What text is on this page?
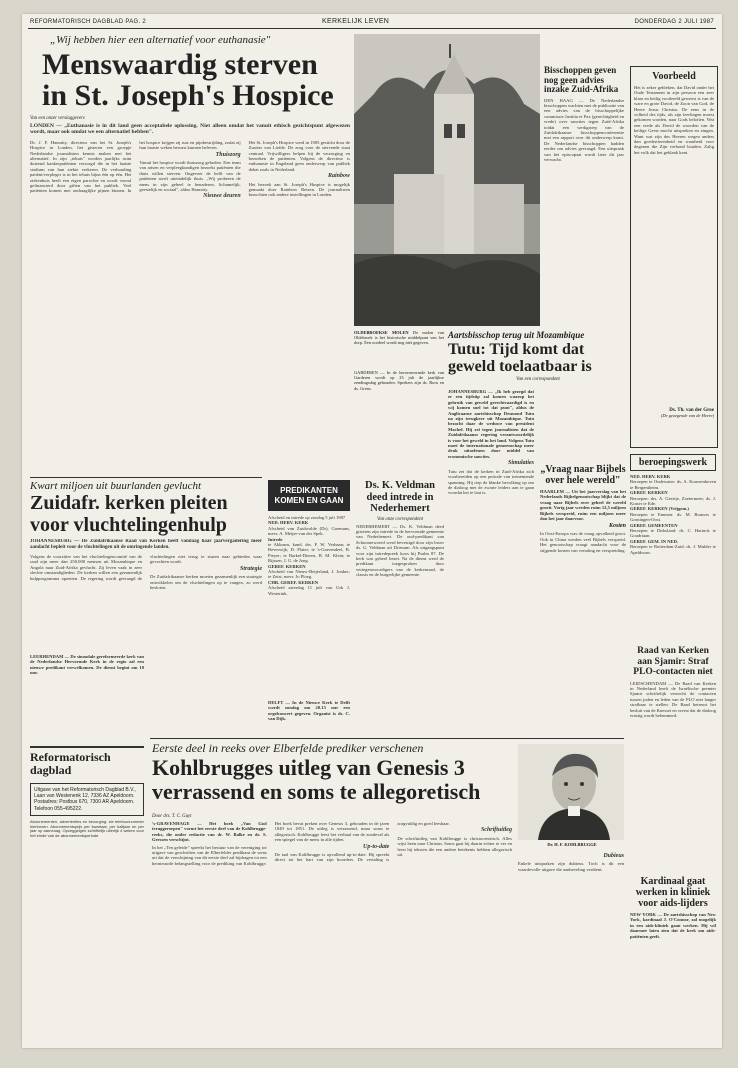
REFORMATORISCH DAGBLAD PAG. 2	KERKELIJK LEVEN	DONDERDAG 2 JULI 1987
„Wij hebben hier een alternatief voor euthanasie"
Menswaardig sterven
in St. Joseph's Hospice
Van een onzer verslaggevers
LONDEN — „Euthanasie is in dit land geen acceptabele oplossing. Niet alleen omdat het vanuit ethisch gezichtspunt afgewezen wordt, maar ook omdat we een alternatief hebben".

Dr. J. F. Hanratty, directeur van het St. Joseph's Hospice in Londen, liet gisteren een groepje Nederlandse journalisten kennis maken met het alternatief. In zijn „tehuis" worden jaarlijks ruim duizend kankerpatiënten verzorgd die in het laatste stadium van hun ziekte verkeren. De verhouding patiënt/verpleger is in het tehuis bijna één op één. Het ziekenhuis heeft een eigen parochie en wordt vooral gefinancierd door giften van het publiek. Veel patiënten komen met ondraaglijke pijnen binnen. In het hospice krijgen zij rust en pijnbestrijding, zodat zij hun laatste weken bewust kunnen beleven.

Thuiszorg

Vanuit het hospice wordt thuiszorg geboden. Een team van artsen en verpleegkundigen bezoekt patiënten die thuis willen sterven. Ongeveer de helft van de patiënten sterft uiteindelijk thuis. „Wij proberen de mens in zijn geheel te benaderen, lichamelijk, geestelijk en sociaal", aldus Hanratty.

Nieuwe deuren

Het St. Joseph's Hospice werd in 1905 gesticht door de Zusters van Liefde. De zorg voor de stervende staat centraal. Vrijwilligers helpen bij de verzorging en bezoeken de patiënten. Volgens de directeur is euthanasie in Engeland geen onderwerp van publiek debat zoals in Nederland.

Rainbow

Het bezoek aan St. Joseph's Hospice is mogelijk gemaakt door Rainbow Reizen. De journalisten bezochten ook andere instellingen in Londen.

OLDEBROEKSE MOLEN De molen van Oldebroek is het historische middelpunt van het dorp. Een oordeel wordt nog niet gegeven.
GARDEREN — In de herormvormde kerk van Garderen wordt op 23 juli de jaarlijkse zendingsdag gehouden. Sprekers zijn ds. Roos en ds. Grens.
Bisschoppen geven nog geen advies inzake Zuid-Afrika
DEN HAAG — De Nederlandse bisschoppen wachten met de publicatie van een advies van de bisschoppelijke commissie Justitia et Pax (gerechtigheid en vrede) over sancties tegen Zuid-Afrika totdat een werkgroep van de Zuidafrikaanse bisschoppenconferentie met een rapport over dit onderwerp komt. De Nederlandse bisschoppen hadden eerder om advies gevraagd. Een uitspraak van het episcopaat wordt later dit jaar verwacht.
Voorbeeld
Het is zeker gebleken, dat David onder het Oude Testament in zijn persoon een zeer klaar en heilig voorbeeld geweest is van de ware en grote David, de Zoon van God, de Heere Jezus Christus. De eens in de volheid des tijds, als zijn leerlingen moest gekomen worden, naar Gods beloften. Wat een vrede als David de woorden van de heilige Geest mocht uitspreken en zingen. Want wat zijn des Heeren wegen anders dan goedertierenheid en waarheid voor degenen die Zijn verbond houden. Zalig het volk dat het geklank kent.
Ds. Th. van der Groe
(De gezegende van de Heere)
Aartsbisschop terug uit Mozambique
Tutu: Tijd komt dat geweld toelaatbaar is
Van een correspondent

JOHANNESBURG — „Ik heb gezegd dat er een tijdstip zal komen waarop het gebruik van geweld gerechtvaardigd is en wij komen snel tot dat punt", aldus de Anglicaanse aartsbisschop Desmond Tutu na zijn terugkeer uit Mozambique. Tutu bezocht daar de weduwe van president Machel. Hij zei tegen journalisten dat de Zuidafrikaanse regering verantwoordelijk is voor het geweld in het land. Volgens Tutu moet de internationale gemeenschap meer druk uitoefenen door middel van economische sancties.

Simulaties

Tutu zei dat de kerken in Zuid-Afrika zich voorbereiden op een periode van toenemende spanning. Hij riep de blanke bevolking op om de dialoog met de zwarte leiders aan te gaan voordat het te laat is.

„Vraag naar Bijbels over hele wereld"
HAARLEM — Uit het jaarverslag van het Nederlands Bijbelgenootschap blijkt dat de vraag naar Bijbels over geheel de wereld groeit. Vorig jaar werden ruim 12,5 miljoen Bijbels verspreid, ruim een miljoen meer dan het jaar daarvoor.
Kosten
In Oost-Europa was de vraag opvallend groot. Ook in China werden veel Bijbels verspreid. Het genootschap vraagt aandacht voor de stijgende kosten van vertaling en verspreiding.
beroepingswerk
NED. HERV. KERK
Beroepen te Oudewater: ds. A. Kouwenhoven te Bergentheim.
GEREF. KERKEN
Beroepen: drs. A. Geertje, Zoetermeer; ds. J. Koster te Ede.
GEREF. KERKEN (Vrijgem.)
Beroepen te Emmen: ds. M. Bouwes te Groningen-Oost.
GEREF. GEMEENTEN
Beroepen te Dirksland: ds. C. Harinck te Goudriaan.
GEREF. GEM. IN NED.
Beroepen te Rotterdam-Zuid: ds. J. Mulder te Apeldoorn.
Raad van Kerken aan Sjamir: Straf PLO-contacten niet
LEIDSCHENDAM — De Raad van Kerken in Nederland heeft de Israëlische premier Sjamir schriftelijk verzocht de contacten tussen joden en leden van de PLO niet langer strafbaar te stellen. De Raad betreurt het besluit van de Knesset en vreest dat de dialoog ernstig wordt belemmerd.
Kardinaal gaat werken in kliniek voor aids-lijders
NEW YORK — De aartsbisschop van New York, kardinaal J. O'Connor, zal mogelijk in een aids-kliniek gaan werken. Hij wil daarmee laten zien dat de kerk om aids-patiënten geeft.
Kwart miljoen uit buurlanden gevlucht
Zuidafr. kerken pleiten
voor vluchtelingenhulp
JOHANNESBURG — De Zuidafrikaanse Raad van Kerken heeft vandaag haar jaarvergadering meer aandacht bepleit voor de vluchtelingen uit de omringende landen.

Volgens de voorzitter van het vluchtelingencomité van de raad zijn meer dan 250.000 mensen uit Mozambique en Angola naar Zuid-Afrika gevlucht. Zij leven vaak in zeer slechte omstandigheden. De kerken willen een gezamenlijk hulpprogramma opzetten. De regering wordt gevraagd de vluchtelingen niet terug te sturen naar gebieden waar gevochten wordt.

Strategie

De Zuidafrikaanse kerken moeten gezamenlijk een strategie ontwikkelen om de vluchtelingen op te vangen, zo werd besloten.

LEERHENDAM — De sinoodale gereformeerde kerk van de Nederlandse Hervormde Kerk in de regio zal een nieuwe predikant verwelkomen. De dienst begint om 10 uur.
PREDIKANTEN KOMEN EN GAAN
Afscheid en intrede op zondag 5 juli 1987
NED. HERV. KERK
Afscheid van Zuidwolde (Dr), Goemans, mevr. A. Meijer-van der Spek.
Intrede
te Akkrum, kand. drs. F. W. Verbaan; te Beverwijk, D. Plaier; te 's-Gravendeel, B. Pieyer; te Barkel-Dieren, B. M. Klein; te Rijssen, J. G. de Jong.
GEREF. KERKEN
Afscheid van Nieuw-Beijerland, J. Jonker; te Zeist, mevr. Jo Ploeg.
CHR. GEREF. KERKEN
Afscheid zaterdag 11 juli van Urk J. Westerink.
DELFT — In de Nieuwe Kerk te Delft wordt zondag om 20.15 uur een orgelconcert gegeven. Organist is ds. C. van Dijk.
Ds. K. Veldman deed intrede in Nederhemert
Van onze correspondent
NEDERHEMERT — Ds. K. Veldman deed gisteren zijn intrede in de hervormde gemeente van Nederhemert. De oud-predikant van Schoonrewoerd werd bevestigd door zijn broer ds. G. Veldman uit Driesum. Als uitgangspunt voor zijn intredepreek koos hij Psalm 87. De kerk was geheel bezet. Na de dienst werd de predikant toegesproken door vertegenwoordigers van de kerkenraad, de classis en de burgerlijke gemeente.
Eerste deel in reeks over Elberfelde prediker verschenen
Kohlbrugges uitleg van Genesis 3
verrassend en soms te allegoretisch
Door drs. T. C. Guyt

’s-GRAVENHAGE — Het boek „Van God teruggeroepen" vormt het eerste deel van de Kohlbrugge-reeks, die onder redactie van dr. W. Balke en dr. S. Gerssen verschijnt.

In het „Ten geleide" spreekt het bestuur van de vereniging tot uitgave van geschriften van de Elberfelder predikant de wens uit dat de verschijning van dit eerste deel zal bijdragen tot een hernieuwde belangstelling voor de prediking van Kohlbrugge. Het boek bevat preken over Genesis 3, gehouden in de jaren 1849 tot 1851. De uitleg is verrassend, maar soms te allegorisch. Kohlbrugge leest het verhaal van de zondeval als een spiegel van de mens in alle tijden.

Up-to-date

De taal van Kohlbrugge is opvallend up-to-date. Hij spreekt direct tot het hart van zijn hoorders. De vertaling is zorgvuldig en goed leesbaar.

Schriftuitleg

De schriftuitleg van Kohlbrugge is christocentrisch. Alles wijst heen naar Christus. Soms gaat hij daarin echter te ver en leest hij teksten die een andere betekenis hebben allegorisch uit.

Dr. H. F. KOHLBRUGGE
Dubieus

Enkele uitspraken zijn dubieus. Toch is dit een waardevolle uitgave die aanbeveling verdient.

Reformatorisch
dagblad
Uitgave van het Reformatorisch Dagblad B.V., Laan van Westenenk 12, 7336 AZ Apeldoorn. Postadres: Postbus 670, 7300 AR Apeldoorn. Telefoon 055-495222.
Abonnementen, advertenties en bezorging: zie telefoonnummer hierboven. Abonnementsprijs per kwartaal, per halfjaar en per jaar op aanvraag. Opzeggingen schriftelijk uiterlijk 4 weken voor het einde van de abonnementsperiode.
